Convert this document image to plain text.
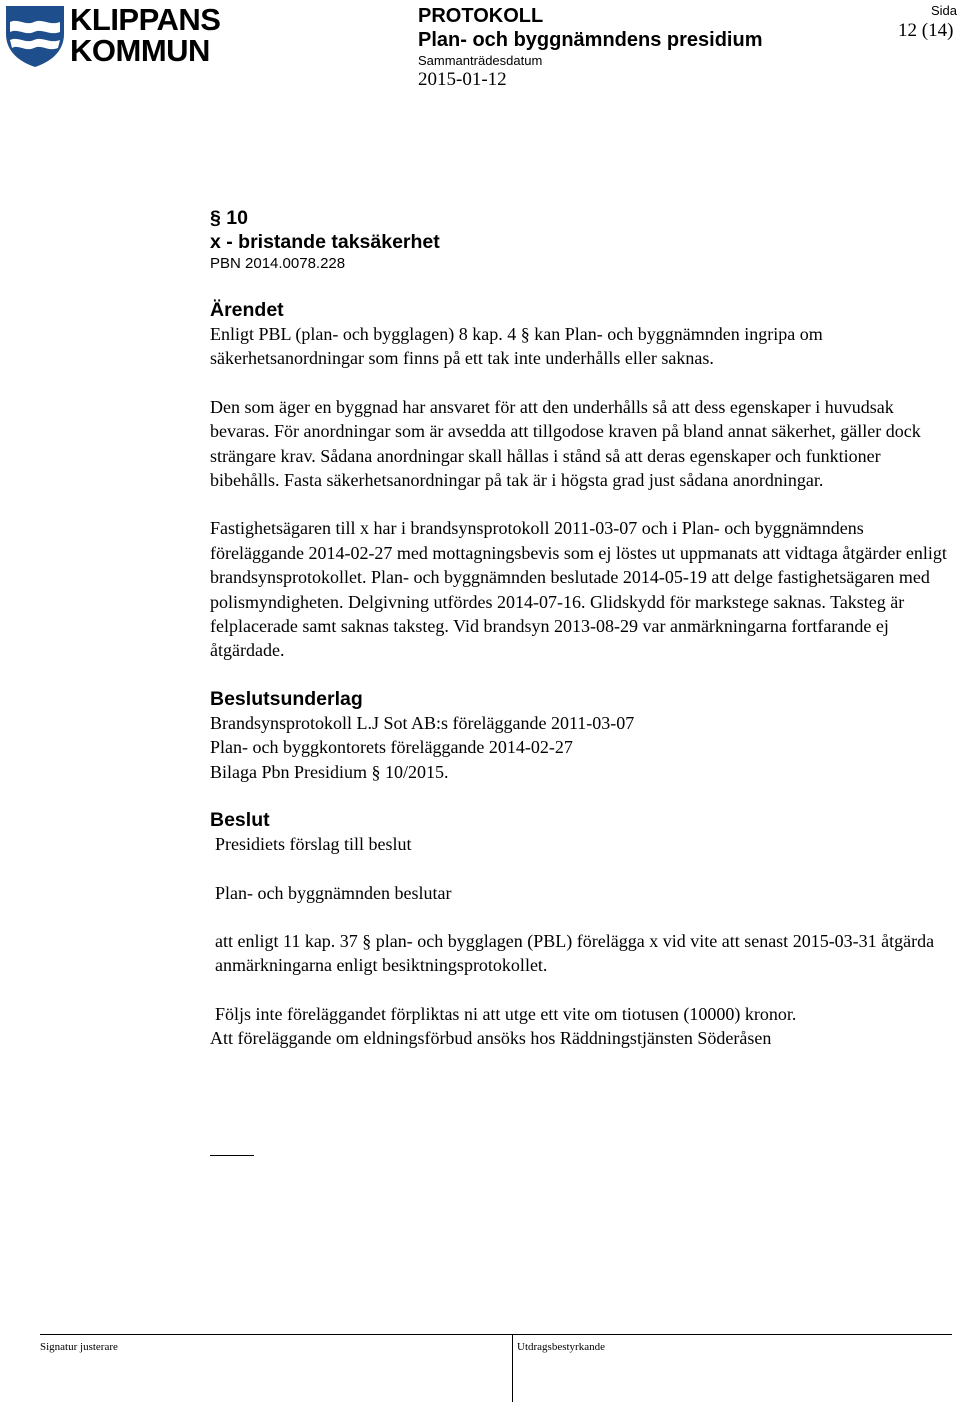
KLIPPANS
KOMMUN
PROTOKOLL
Plan- och byggnämndens presidium
Sammanträdesdatum
2015-01-12
Sida
12 (14)
§ 10
x - bristande taksäkerhet
PBN 2014.0078.228
Ärendet

Enligt PBL (plan- och bygglagen) 8 kap. 4 § kan Plan- och byggnämnden ingripa om säkerhetsanordningar som finns på ett tak inte underhålls eller saknas.

Den som äger en byggnad har ansvaret för att den underhålls så att dess egenskaper i huvudsak bevaras. För anordningar som är avsedda att tillgodose kraven på bland annat säkerhet, gäller dock strängare krav. Sådana anordningar skall hållas i stånd så att deras egenskaper och funktioner bibehålls. Fasta säkerhetsanordningar på tak är i högsta grad just sådana anordningar.

Fastighetsägaren till x har i brandsynsprotokoll 2011-03-07 och i Plan- och byggnämndens föreläggande 2014-02-27 med mottagningsbevis som ej löstes ut uppmanats att vidtaga åtgärder enligt brandsynsprotokollet. Plan- och byggnämnden beslutade 2014-05-19 att delge fastighetsägaren med polismyndigheten. Delgivning utfördes 2014-07-16. Glidskydd för markstege saknas. Taksteg är felplacerade samt saknas taksteg. Vid brandsyn 2013-08-29 var anmärkningarna fortfarande ej åtgärdade.

Beslutsunderlag
Brandsynsprotokoll L.J Sot AB:s föreläggande 2011-03-07
Plan- och byggkontorets föreläggande 2014-02-27
Bilaga Pbn Presidium § 10/2015.
Beslut
Presidiets förslag till beslut
Plan- och byggnämnden beslutar

att enligt 11 kap. 37 § plan- och bygglagen (PBL) förelägga x vid vite att senast 2015-03-31 åtgärda anmärkningarna enligt besiktningsprotokollet.

Följs inte föreläggandet förpliktas ni att utge ett vite om tiotusen (10000) kronor.
Att föreläggande om eldningsförbud ansöks hos Räddningstjänsten Söderåsen
Signatur justerare	Utdragsbestyrkande
